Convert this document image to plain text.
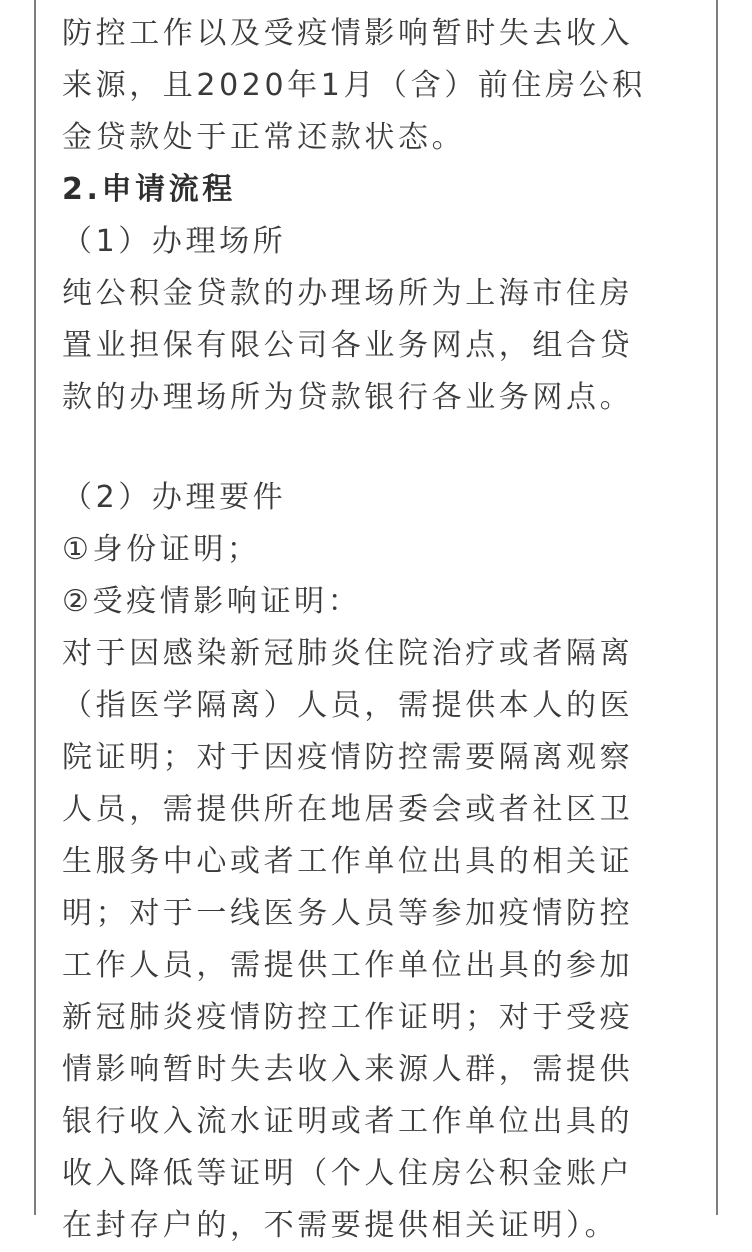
防控工作以及受疫情影响暂时失去收入
来源，且2020年1月（含）前住房公积
金贷款处于正常还款状态。
2.申请流程
（1）办理场所
纯公积金贷款的办理场所为上海市住房
置业担保有限公司各业务网点，组合贷
款的办理场所为贷款银行各业务网点。
（2）办理要件
①身份证明；
②受疫情影响证明：
对于因感染新冠肺炎住院治疗或者隔离
（指医学隔离）人员，需提供本人的医
院证明；对于因疫情防控需要隔离观察
人员，需提供所在地居委会或者社区卫
生服务中心或者工作单位出具的相关证
明；对于一线医务人员等参加疫情防控
工作人员，需提供工作单位出具的参加
新冠肺炎疫情防控工作证明；对于受疫
情影响暂时失去收入来源人群，需提供
银行收入流水证明或者工作单位出具的
收入降低等证明（个人住房公积金账户
在封存户的，不需要提供相关证明）。
